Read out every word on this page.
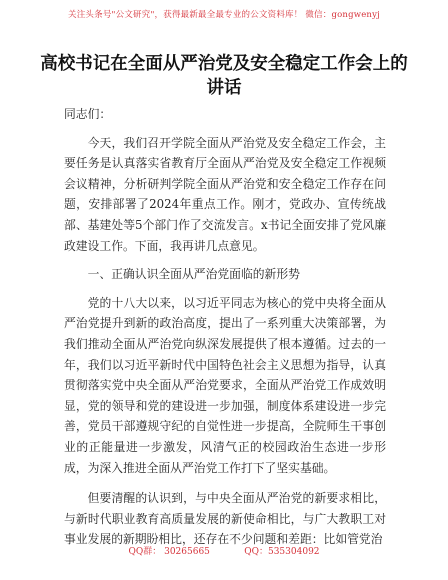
关注头条号"公文研究"，获得最新最全最专业的公文资料库！ 微信：gongwenyj
高校书记在全面从严治党及安全稳定工作会上的讲话

同志们：

今天，我们召开学院全面从严治党及安全稳定工作会，主要任务是认真落实省教育厅全面从严治党及安全稳定工作视频会议精神，分析研判学院全面从严治党和安全稳定工作存在问题，安排部署了2024年重点工作。刚才，党政办、宣传统战部、基建处等5个部门作了交流发言。x书记全面安排了党风廉政建设工作。下面，我再讲几点意见。

一、正确认识全面从严治党面临的新形势

党的十八大以来，以习近平同志为核心的党中央将全面从严治党提升到新的政治高度，提出了一系列重大决策部署，为我们推动全面从严治党向纵深发展提供了根本遵循。过去的一年，我们以习近平新时代中国特色社会主义思想为指导，认真贯彻落实党中央全面从严治党要求，全面从严治党工作成效明显，党的领导和党的建设进一步加强，制度体系建设进一步完善，党员干部遵规守纪的自觉性进一步提高，全院师生干事创业的正能量进一步激发，风清气正的校园政治生态进一步形成，为深入推进全面从严治党工作打下了坚实基础。

但要清醒的认识到，与中央全面从严治党的新要求相比，与新时代职业教育高质量发展的新使命相比，与广大教职工对事业发展的新期盼相比，还存在不少问题和差距：比如管党治

QQ群： 30265665            QQ：535304092
